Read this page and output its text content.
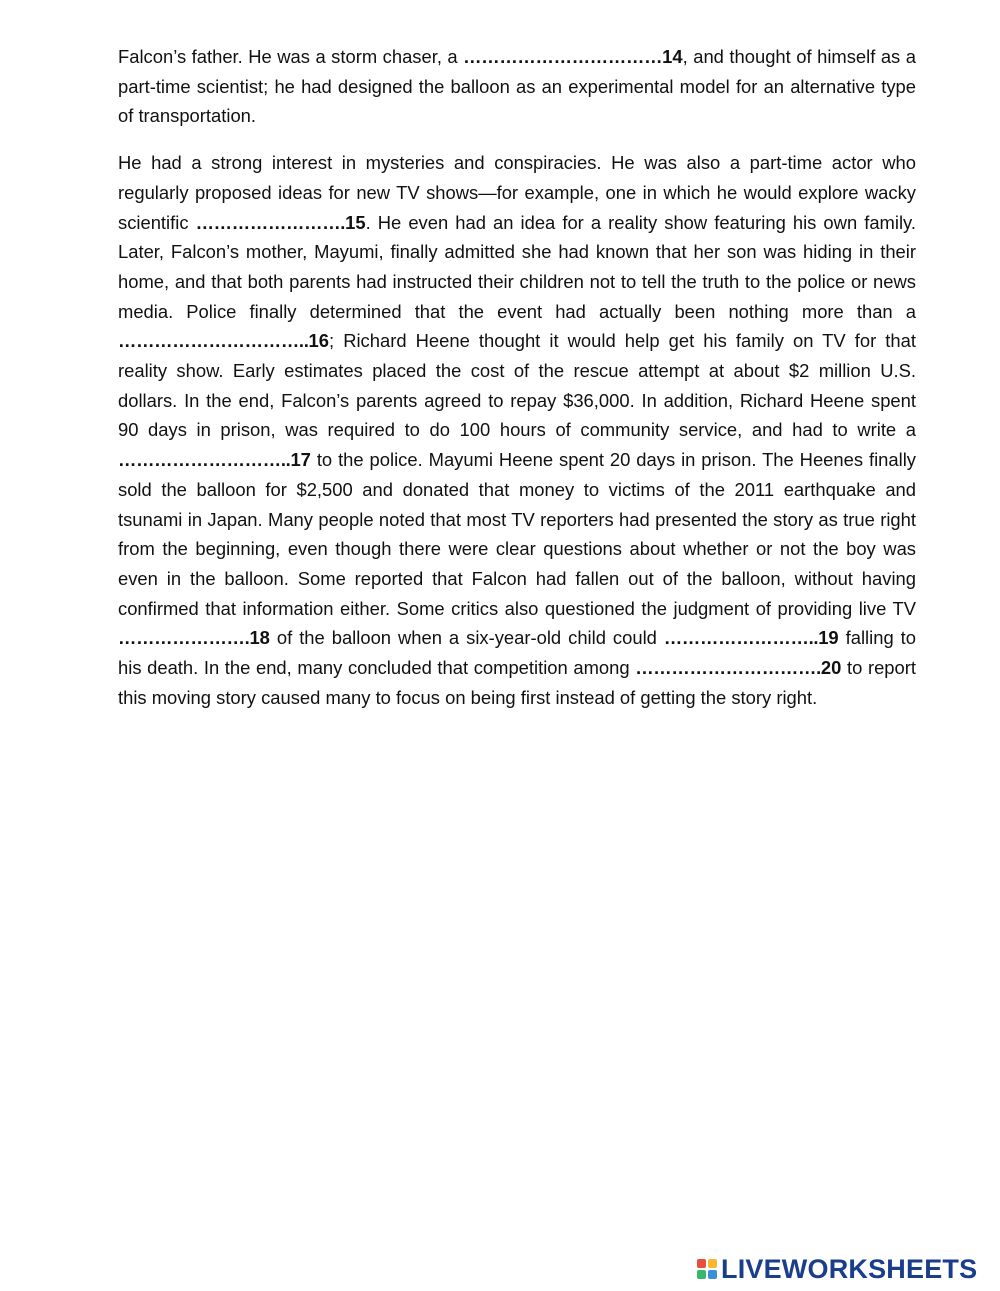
Falcon’s father. He was a storm chaser, a ……………………………14, and thought of himself as a part-time scientist; he had designed the balloon as an experimental model for an alternative type of transportation.

He had a strong interest in mysteries and conspiracies. He was also a part-time actor who regularly proposed ideas for new TV shows—for example, one in which he would explore wacky scientific …………………….15. He even had an idea for a reality show featuring his own family. Later, Falcon’s mother, Mayumi, finally admitted she had known that her son was hiding in their home, and that both parents had instructed their children not to tell the truth to the police or news media. Police finally determined that the event had actually been nothing more than a …………………………..16; Richard Heene thought it would help get his family on TV for that reality show. Early estimates placed the cost of the rescue attempt at about $2 million U.S. dollars. In the end, Falcon’s parents agreed to repay $36,000. In addition, Richard Heene spent 90 days in prison, was required to do 100 hours of community service, and had to write a ………………………..17 to the police. Mayumi Heene spent 20 days in prison. The Heenes finally sold the balloon for $2,500 and donated that money to victims of the 2011 earthquake and tsunami in Japan. Many people noted that most TV reporters had presented the story as true right from the beginning, even though there were clear questions about whether or not the boy was even in the balloon. Some reported that Falcon had fallen out of the balloon, without having confirmed that information either. Some critics also questioned the judgment of providing live TV ………………….18 of the balloon when a six-year-old child could ……………………..19 falling to his death. In the end, many concluded that competition among ………………………….20 to report this moving story caused many to focus on being first instead of getting the story right.

LIVEWORKSHEETS
